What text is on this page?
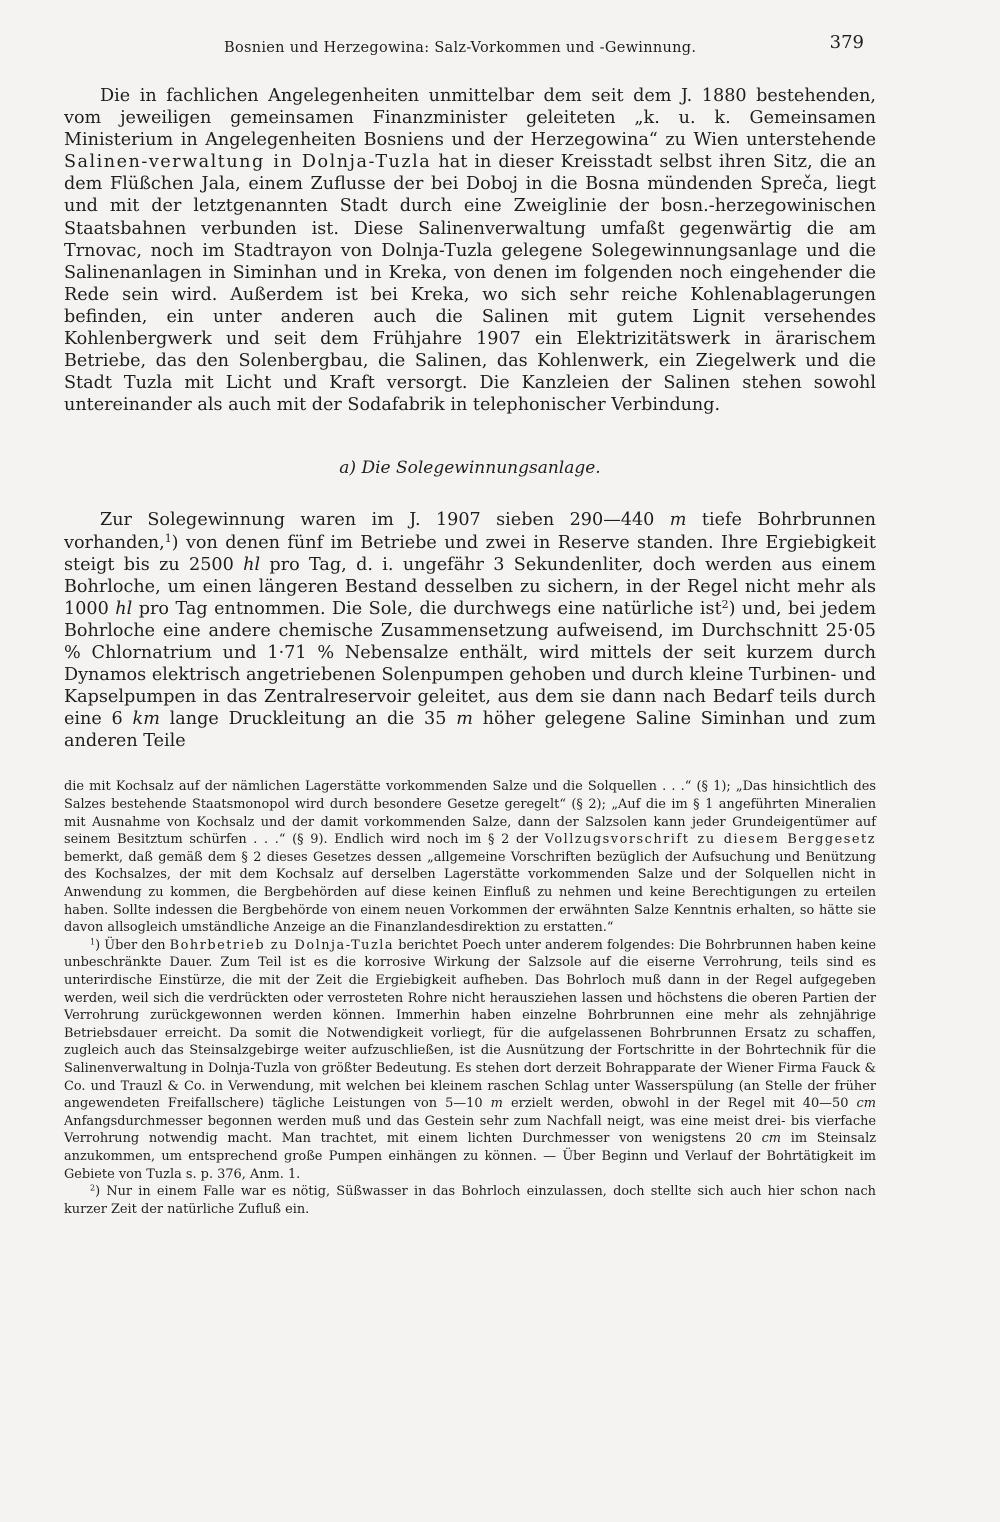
Bosnien und Herzegowina: Salz-Vorkommen und -Gewinnung.	379

Die in fachlichen Angelegenheiten unmittelbar dem seit dem J. 1880 bestehenden, vom jeweiligen gemeinsamen Finanzminister geleiteten „k. u. k. Gemeinsamen Ministerium in Angelegenheiten Bosniens und der Herzegowina“ zu Wien unterstehende Salinen-verwaltung in Dolnja-Tuzla hat in dieser Kreisstadt selbst ihren Sitz, die an dem Flüßchen Jala, einem Zuflusse der bei Doboj in die Bosna mündenden Spreča, liegt und mit der letztgenannten Stadt durch eine Zweiglinie der bosn.-herzegowinischen Staatsbahnen verbunden ist. Diese Salinenverwaltung umfaßt gegenwärtig die am Trnovac, noch im Stadtrayon von Dolnja-Tuzla gelegene Solegewinnungsanlage und die Salinenanlagen in Siminhan und in Kreka, von denen im folgenden noch eingehender die Rede sein wird. Außerdem ist bei Kreka, wo sich sehr reiche Kohlenablagerungen befinden, ein unter anderen auch die Salinen mit gutem Lignit versehendes Kohlenbergwerk und seit dem Frühjahre 1907 ein Elektrizitätswerk in ärarischem Betriebe, das den Solenbergbau, die Salinen, das Kohlenwerk, ein Ziegelwerk und die Stadt Tuzla mit Licht und Kraft versorgt. Die Kanzleien der Salinen stehen sowohl untereinander als auch mit der Sodafabrik in telephonischer Verbindung.

a) Die Solegewinnungsanlage.

Zur Solegewinnung waren im J. 1907 sieben 290—440 m tiefe Bohrbrunnen vorhanden,$^1$) von denen fünf im Betriebe und zwei in Reserve standen. Ihre Ergiebigkeit steigt bis zu 2500 hl pro Tag, d. i. ungefähr 3 Sekundenliter, doch werden aus einem Bohrloche, um einen längeren Bestand desselben zu sichern, in der Regel nicht mehr als 1000 hl pro Tag entnommen. Die Sole, die durchwegs eine natürliche ist$^2$) und, bei jedem Bohrloche eine andere chemische Zusammensetzung aufweisend, im Durchschnitt 25·05 % Chlornatrium und 1·71 % Nebensalze enthält, wird mittels der seit kurzem durch Dynamos elektrisch angetriebenen Solenpumpen gehoben und durch kleine Turbinen- und Kapselpumpen in das Zentralreservoir geleitet, aus dem sie dann nach Bedarf teils durch eine 6 km lange Druckleitung an die 35 m höher gelegene Saline Siminhan und zum anderen Teile

die mit Kochsalz auf der nämlichen Lagerstätte vorkommenden Salze und die Solquellen . . .“ (§ 1); „Das hinsichtlich des Salzes bestehende Staatsmonopol wird durch besondere Gesetze geregelt“ (§ 2); „Auf die im § 1 angeführten Mineralien mit Ausnahme von Kochsalz und der damit vorkommenden Salze, dann der Salzsolen kann jeder Grundeigentümer auf seinem Besitztum schürfen . . .“ (§ 9). Endlich wird noch im § 2 der Vollzugsvorschrift zu diesem Berggesetz bemerkt, daß gemäß dem § 2 dieses Gesetzes dessen „allgemeine Vorschriften bezüglich der Aufsuchung und Benützung des Kochsalzes, der mit dem Kochsalz auf derselben Lagerstätte vorkommenden Salze und der Solquellen nicht in Anwendung zu kommen, die Bergbehörden auf diese keinen Einfluß zu nehmen und keine Berechtigungen zu erteilen haben. Sollte indessen die Bergbehörde von einem neuen Vorkommen der erwähnten Salze Kenntnis erhalten, so hätte sie davon allsogleich umständliche Anzeige an die Finanzlandesdirektion zu erstatten.“

$^1$) Über den Bohrbetrieb zu Dolnja-Tuzla berichtet Poech unter anderem folgendes: Die Bohrbrunnen haben keine unbeschränkte Dauer. Zum Teil ist es die korrosive Wirkung der Salzsole auf die eiserne Verrohrung, teils sind es unterirdische Einstürze, die mit der Zeit die Ergiebigkeit aufheben. Das Bohrloch muß dann in der Regel aufgegeben werden, weil sich die verdrückten oder verrosteten Rohre nicht herausziehen lassen und höchstens die oberen Partien der Verrohrung zurückgewonnen werden können. Immerhin haben einzelne Bohrbrunnen eine mehr als zehnjährige Betriebsdauer erreicht. Da somit die Notwendigkeit vorliegt, für die aufgelassenen Bohrbrunnen Ersatz zu schaffen, zugleich auch das Steinsalzgebirge weiter aufzuschließen, ist die Ausnützung der Fortschritte in der Bohrtechnik für die Salinenverwaltung in Dolnja-Tuzla von größter Bedeutung. Es stehen dort derzeit Bohrapparate der Wiener Firma Fauck & Co. und Trauzl & Co. in Verwendung, mit welchen bei kleinem raschen Schlag unter Wasserspülung (an Stelle der früher angewendeten Freifallschere) tägliche Leistungen von 5—10 m erzielt werden, obwohl in der Regel mit 40—50 cm Anfangsdurchmesser begonnen werden muß und das Gestein sehr zum Nachfall neigt, was eine meist drei- bis vierfache Verrohrung notwendig macht. Man trachtet, mit einem lichten Durchmesser von wenigstens 20 cm im Steinsalz anzukommen, um entsprechend große Pumpen einhängen zu können. — Über Beginn und Verlauf der Bohrtätigkeit im Gebiete von Tuzla s. p. 376, Anm. 1.

$^2$) Nur in einem Falle war es nötig, Süßwasser in das Bohrloch einzulassen, doch stellte sich auch hier schon nach kurzer Zeit der natürliche Zufluß ein.
